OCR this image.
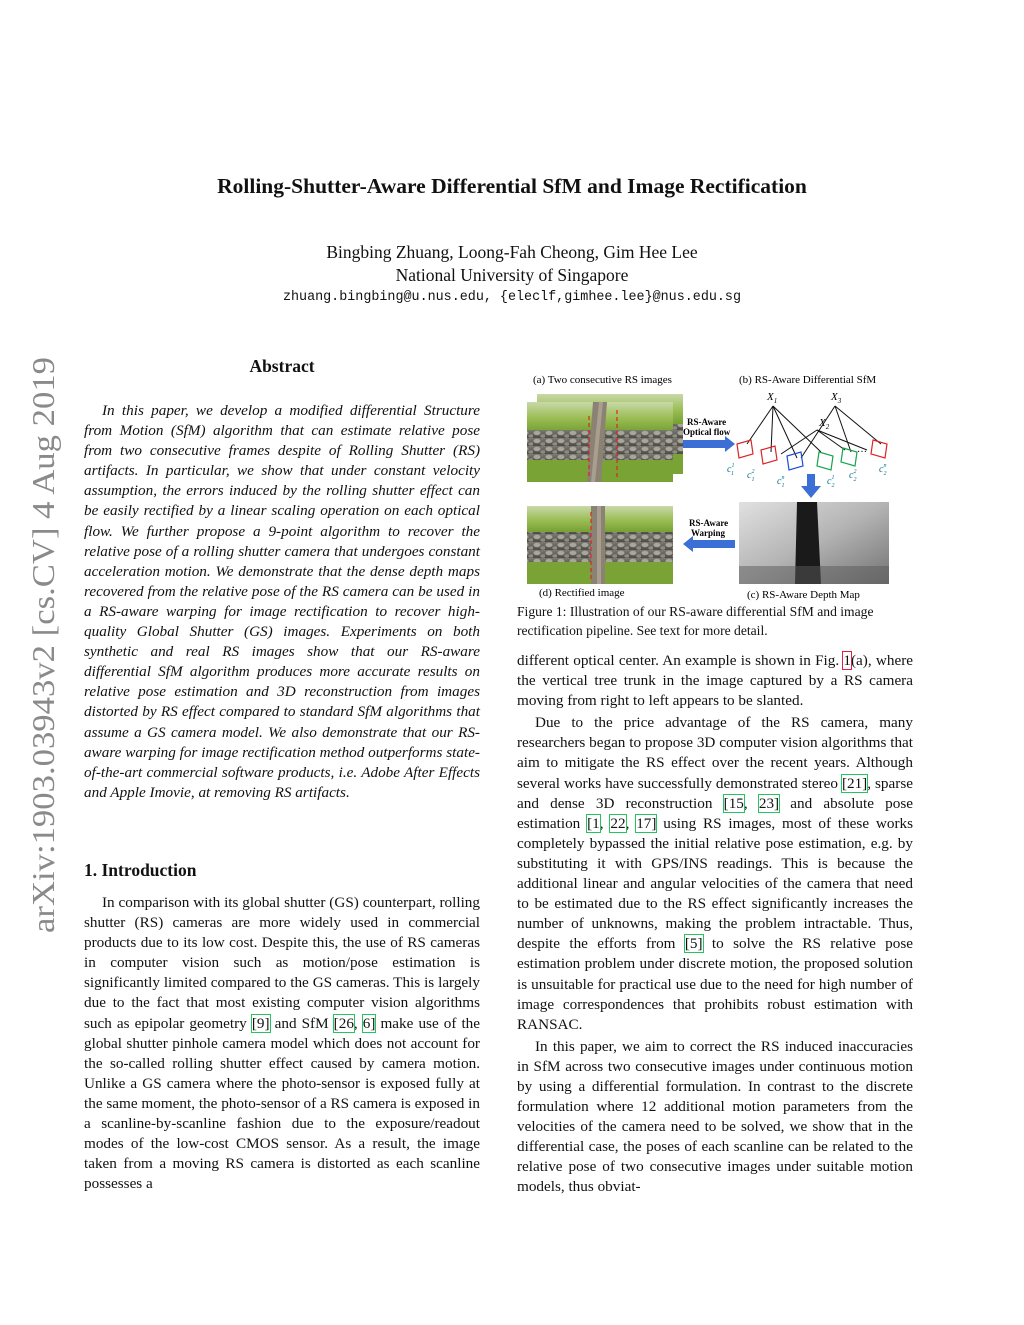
arXiv:1903.03943v2 [cs.CV] 4 Aug 2019
Rolling-Shutter-Aware Differential SfM and Image Rectification
Bingbing Zhuang, Loong-Fah Cheong, Gim Hee Lee
National University of Singapore
zhuang.bingbing@u.nus.edu, {eleclf,gimhee.lee}@nus.edu.sg
Abstract

In this paper, we develop a modified differential Structure from Motion (SfM) algorithm that can estimate relative pose from two consecutive frames despite of Rolling Shutter (RS) artifacts. In particular, we show that under constant velocity assumption, the errors induced by the rolling shutter effect can be easily rectified by a linear scaling operation on each optical flow. We further propose a 9-point algorithm to recover the relative pose of a rolling shutter camera that undergoes constant acceleration motion. We demonstrate that the dense depth maps recovered from the relative pose of the RS camera can be used in a RS-aware warping for image rectification to recover high-quality Global Shutter (GS) images. Experiments on both synthetic and real RS images show that our RS-aware differential SfM algorithm produces more accurate results on relative pose estimation and 3D reconstruction from images distorted by RS effect compared to standard SfM algorithms that assume a GS camera model. We also demonstrate that our RS-aware warping for image rectification method outperforms state-of-the-art commercial software products, i.e. Adobe After Effects and Apple Imovie, at removing RS artifacts.

1. Introduction

In comparison with its global shutter (GS) counterpart, rolling shutter (RS) cameras are more widely used in commercial products due to its low cost. Despite this, the use of RS cameras in computer vision such as motion/pose estimation is significantly limited compared to the GS cameras. This is largely due to the fact that most existing computer vision algorithms such as epipolar geometry [9] and SfM [26, 6] make use of the global shutter pinhole camera model which does not account for the so-called rolling shutter effect caused by camera motion. Unlike a GS camera where the photo-sensor is exposed fully at the same moment, the photo-sensor of a RS camera is exposed in a scanline-by-scanline fashion due to the exposure/readout modes of the low-cost CMOS sensor. As a result, the image taken from a moving RS camera is distorted as each scanline possesses a

(a) Two consecutive RS images	(b) RS-Aware Differential SfM
RS-Aware
Optical flow
$X_1$	$X_3$
$X_2$
…
$c^1$ 1 $c^2$ 1 $c^n$ 1	$c^1$ 2
$c^2$ 2
$c^n$ 2
(d) Rectified image
RS-Aware
Warping
(c) RS-Aware Depth Map
Figure 1: Illustration of our RS-aware differential SfM and image rectification pipeline. See text for more detail.

different optical center. An example is shown in Fig. 1(a), where the vertical tree trunk in the image captured by a RS camera moving from right to left appears to be slanted.

Due to the price advantage of the RS camera, many researchers began to propose 3D computer vision algorithms that aim to mitigate the RS effect over the recent years. Although several works have successfully demonstrated stereo [21], sparse and dense 3D reconstruction [15, 23] and absolute pose estimation [1, 22, 17] using RS images, most of these works completely bypassed the initial relative pose estimation, e.g. by substituting it with GPS/INS readings. This is because the additional linear and angular velocities of the camera that need to be estimated due to the RS effect significantly increases the number of unknowns, making the problem intractable. Thus, despite the efforts from [5] to solve the RS relative pose estimation problem under discrete motion, the proposed solution is unsuitable for practical use due to the need for high number of image correspondences that prohibits robust estimation with RANSAC.

In this paper, we aim to correct the RS induced inaccuracies in SfM across two consecutive images under continuous motion by using a differential formulation. In contrast to the discrete formulation where 12 additional motion parameters from the velocities of the camera need to be solved, we show that in the differential case, the poses of each scanline can be related to the relative pose of two consecutive images under suitable motion models, thus obviat-
